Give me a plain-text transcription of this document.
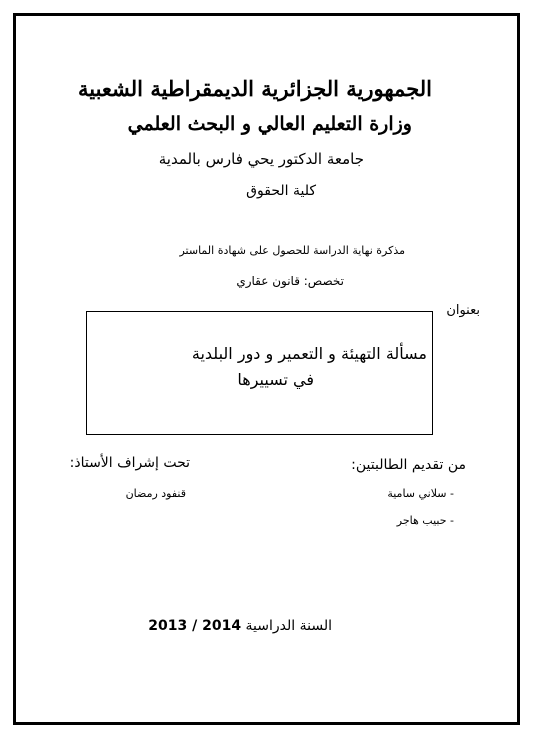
الجمهورية الجزائرية الديمقراطية الشعبية
وزارة التعليم العالي و البحث العلمي
جامعة الدكتور يحي فارس بالمدية
كلية الحقوق
مذكرة نهاية الدراسة للحصول على شهادة الماستر
تخصص: قانون عقاري
بعنوان
مسألة التهيئة و التعمير و دور البلدية
في تسييرها
تحت إشراف الأستاذ:
قنفود رمضان
من تقديم الطالبتين:
- سلاني سامية
- حبيب هاجر
السنة الدراسية 2013 / 2014
